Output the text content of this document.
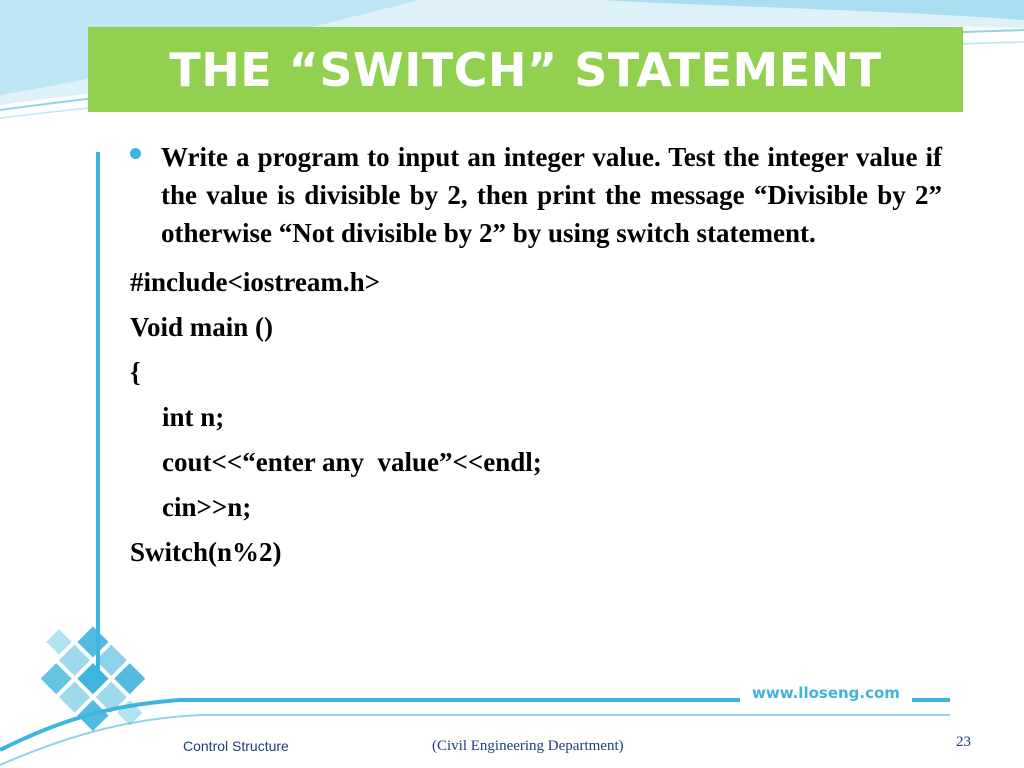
THE “SWITCH” STATEMENT
Write a program to input an integer value. Test the integer value if the value is divisible by 2, then print the message “Divisible by 2” otherwise “Not divisible by 2” by using switch statement.
#include<iostream.h>
Void main ()
{
int n;
cout<<“enter any  value”<<endl;
cin>>n;
Switch(n%2)
www.lloseng.com
Control Structure	(Civil Engineering Department)	23
